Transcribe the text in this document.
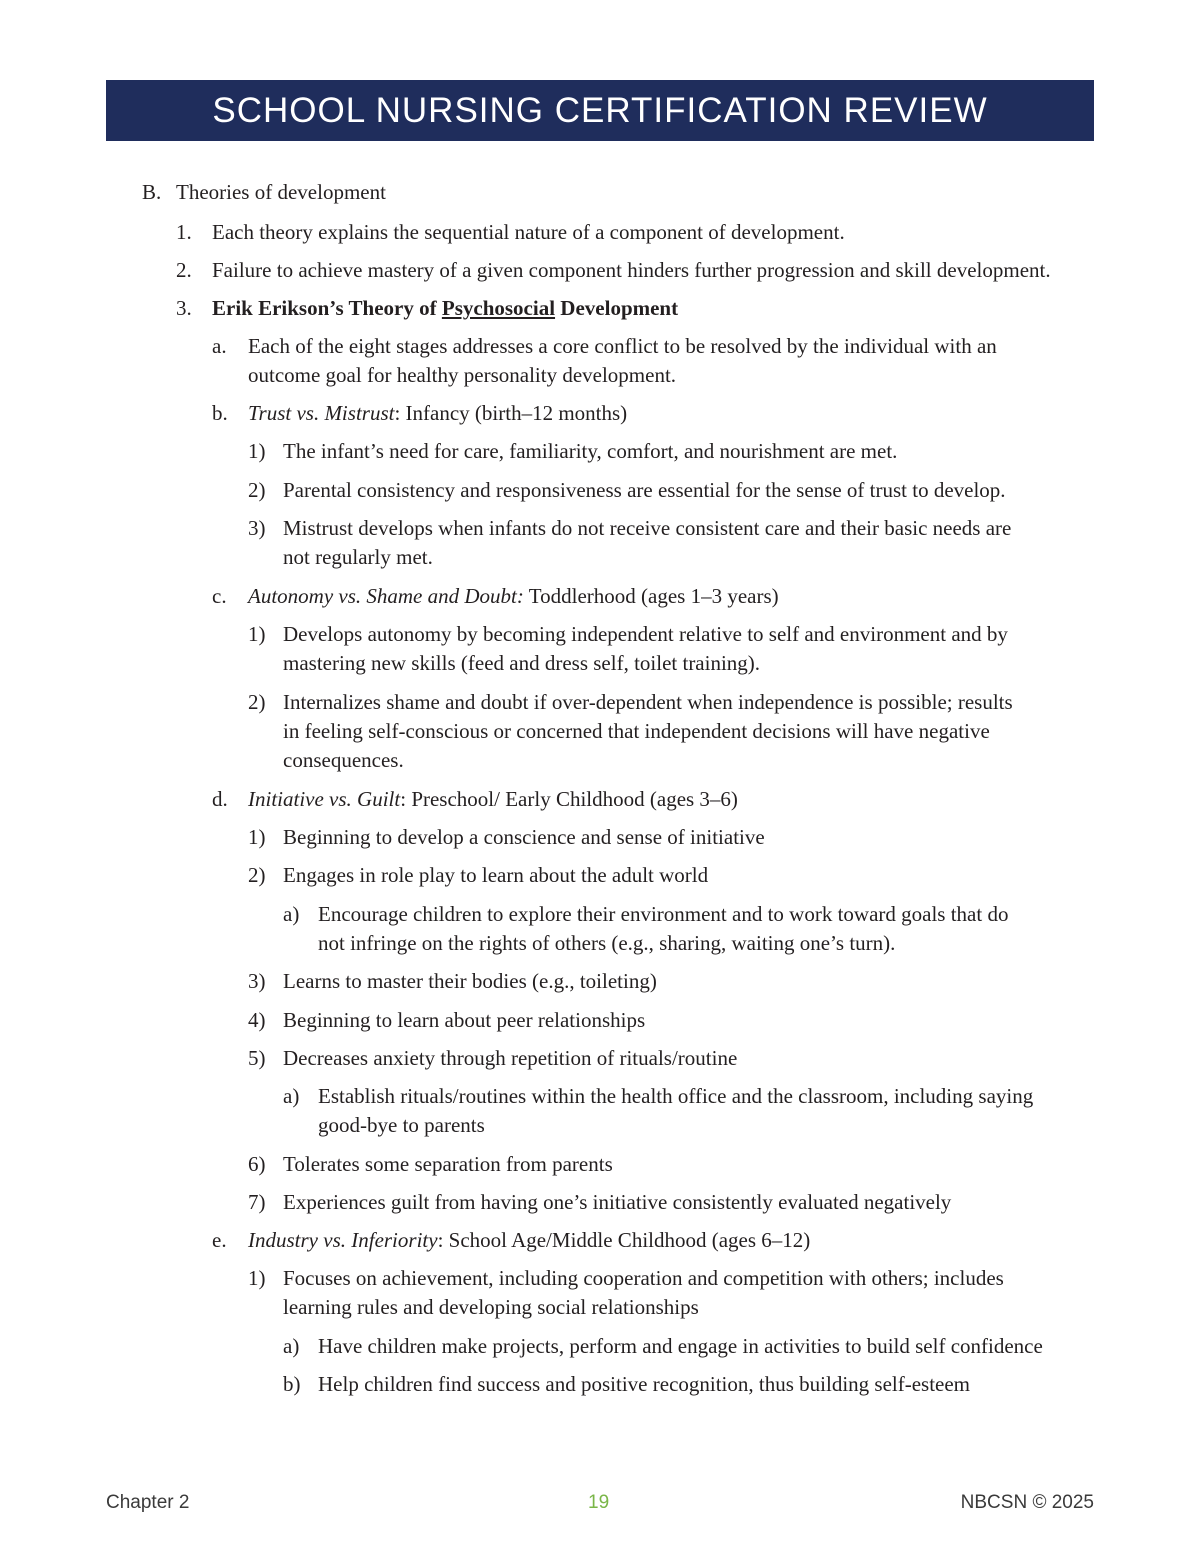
SCHOOL NURSING CERTIFICATION REVIEW
B. Theories of development
1. Each theory explains the sequential nature of a component of development.
2. Failure to achieve mastery of a given component hinders further progression and skill development.
3. Erik Erikson’s Theory of Psychosocial Development
a. Each of the eight stages addresses a core conflict to be resolved by the individual with an
outcome goal for healthy personality development.
b. Trust vs. Mistrust: Infancy (birth–12 months)
1) The infant’s need for care, familiarity, comfort, and nourishment are met.
2) Parental consistency and responsiveness are essential for the sense of trust to develop.
3) Mistrust develops when infants do not receive consistent care and their basic needs are
not regularly met.
c. Autonomy vs. Shame and Doubt: Toddlerhood (ages 1–3 years)
1) Develops autonomy by becoming independent relative to self and environment and by
mastering new skills (feed and dress self, toilet training).
2) Internalizes shame and doubt if over-dependent when independence is possible; results
in feeling self-conscious or concerned that independent decisions will have negative
consequences.
d. Initiative vs. Guilt: Preschool/ Early Childhood (ages 3–6)
1) Beginning to develop a conscience and sense of initiative
2) Engages in role play to learn about the adult world
a) Encourage children to explore their environment and to work toward goals that do
not infringe on the rights of others (e.g., sharing, waiting one’s turn).
3) Learns to master their bodies (e.g., toileting)
4) Beginning to learn about peer relationships
5) Decreases anxiety through repetition of rituals/routine
a) Establish rituals/routines within the health office and the classroom, including saying
good-bye to parents
6) Tolerates some separation from parents
7) Experiences guilt from having one’s initiative consistently evaluated negatively
e. Industry vs. Inferiority: School Age/Middle Childhood (ages 6–12)
1) Focuses on achievement, including cooperation and competition with others; includes
learning rules and developing social relationships
a) Have children make projects, perform and engage in activities to build self confidence
b) Help children find success and positive recognition, thus building self-esteem
Chapter 2	19	NBCSN © 2025
